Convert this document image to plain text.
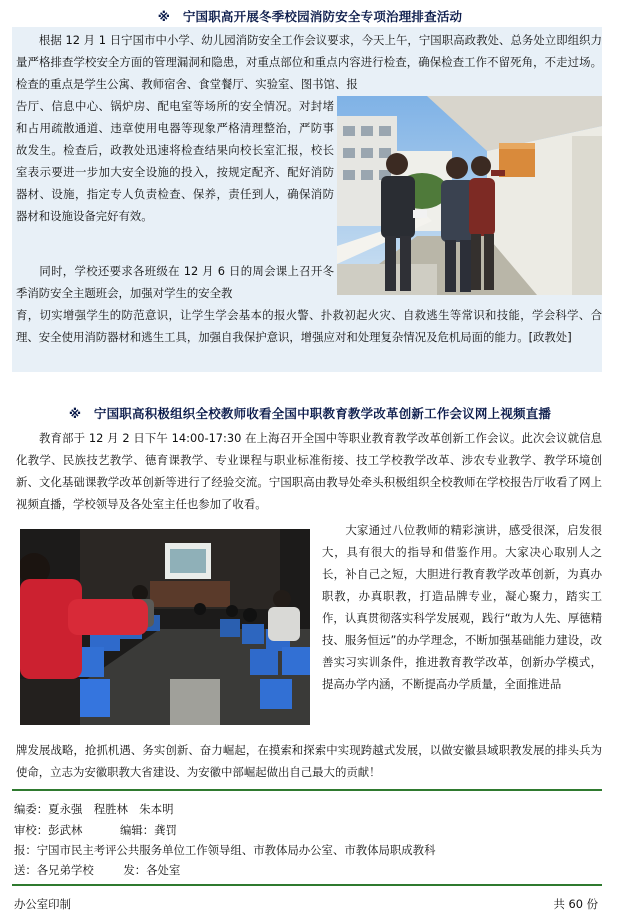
※　宁国职高开展冬季校园消防安全专项治理排查活动

　　根据 12 月 1 日宁国市中小学、幼儿园消防安全工作会议要求，今天上午，宁国职高政教处、总务处立即组织力量严格排查学校安全方面的管理漏洞和隐患，对重点部位和重点内容进行检查，确保检查工作不留死角，不走过场。检查的重点是学生公寓、教师宿舍、食堂餐厅、实验室、图书馆、报

告厅、信息中心、锅炉房、配电室等场所的安全情况。对封堵和占用疏散通道、违章使用电器等现象严格清理整治，严防事故发生。检查后，政教处迅速将检查结果向校长室汇报，校长室表示要进一步加大安全设施的投入，按规定配齐、配好消防器材、设施，指定专人负责检查、保养，责任到人，确保消防器材和设施设备完好有效。

　　同时，学校还要求各班级在 12 月 6 日的周会课上召开冬季消防安全主题班会，加强对学生的安全教

育，切实增强学生的防范意识，让学生学会基本的报火警、扑救初起火灾、自救逃生等常识和技能，学会科学、合理、安全使用消防器材和逃生工具，加强自我保护意识，增强应对和处理复杂情况及危机局面的能力。[政教处]

※　宁国职高积极组织全校教师收看全国中职教育教学改革创新工作会议网上视频直播

　　教育部于 12 月 2 日下午 14:00-17:30 在上海召开全国中等职业教育教学改革创新工作会议。此次会议就信息化教学、民族技艺教学、德育课教学、专业课程与职业标准衔接、技工学校教学改革、涉农专业教学、教学环境创新、文化基础课教学改革创新等进行了经验交流。宁国职高由教导处牵头积极组织全校教师在学校报告厅收看了网上视频直播，学校领导及各处室主任也参加了收看。

　　大家通过八位教师的精彩演讲，感受很深，启发很大，具有很大的指导和借鉴作用。大家决心取别人之长，补自己之短，大胆进行教育教学改革创新，为真办职教，办真职教，打造品牌专业，凝心聚力，踏实工作，认真贯彻落实科学发展观，践行“敢为人先、厚德精技、服务恒远”的办学理念，不断加强基础能力建设，改善实习实训条件，推进教育教学改革，创新办学模式，提高办学内涵，不断提高办学质量，全面推进品

牌发展战略，抢抓机遇、务实创新、奋力崛起，在摸索和探索中实现跨越式发展，以做安徽县域职教发展的排头兵为使命，立志为安徽职教大省建设、为安徽中部崛起做出自己最大的贡献！

编委：夏永强　程胜林　朱本明
审校：彭武林	编辑：龚罚
报：宁国市民主考评公共服务单位工作领导组、市教体局办公室、市教体局职成教科
送：各兄弟学校	发：各处室
办公室印制	共 60 份
